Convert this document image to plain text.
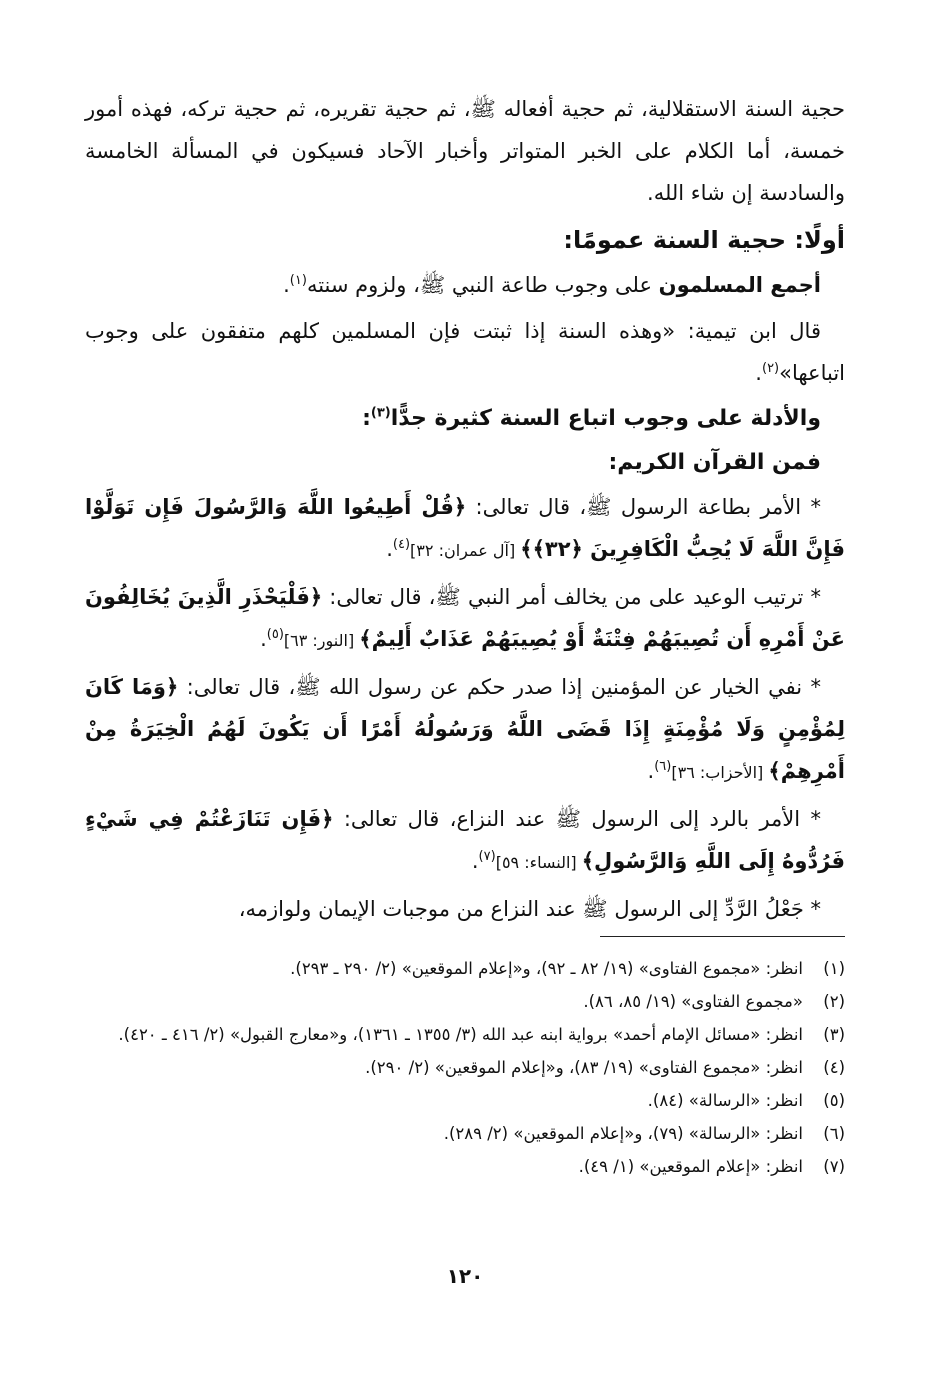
حجية السنة الاستقلالية، ثم حجية أفعاله ﷺ، ثم حجية تقريره، ثم حجية تركه، فهذه أمور خمسة، أما الكلام على الخبر المتواتر وأخبار الآحاد فسيكون في المسألة الخامسة والسادسة إن شاء الله.

أولًا: حجية السنة عمومًا:

أجمع المسلمون على وجوب طاعة النبي ﷺ، ولزوم سنته$^{(١)}$.

قال ابن تيمية: «وهذه السنة إذا ثبتت فإن المسلمين كلهم متفقون على وجوب اتباعها»$^{(٢)}$.

والأدلة على وجوب اتباع السنة كثيرة جدًّا$^{(٣)}$:
فمن القرآن الكريم:

* الأمر بطاعة الرسول ﷺ، قال تعالى: ﴿قُلْ أَطِيعُوا اللَّهَ وَالرَّسُولَ فَإِن تَوَلَّوْا فَإِنَّ اللَّهَ لَا يُحِبُّ الْكَافِرِينَ ﴿٣٢﴾﴾ [آل عمران: ٣٢]$^{(٤)}$.

* ترتيب الوعيد على من يخالف أمر النبي ﷺ، قال تعالى: ﴿فَلْيَحْذَرِ الَّذِينَ يُخَالِفُونَ عَنْ أَمْرِهِ أَن تُصِيبَهُمْ فِتْنَةٌ أَوْ يُصِيبَهُمْ عَذَابٌ أَلِيمٌ﴾ [النور: ٦٣]$^{(٥)}$.

* نفي الخيار عن المؤمنين إذا صدر حكم عن رسول الله ﷺ، قال تعالى: ﴿وَمَا كَانَ لِمُؤْمِنٍ وَلَا مُؤْمِنَةٍ إِذَا قَضَى اللَّهُ وَرَسُولُهُ أَمْرًا أَن يَكُونَ لَهُمُ الْخِيَرَةُ مِنْ أَمْرِهِمْ﴾ [الأحزاب: ٣٦]$^{(٦)}$.

* الأمر بالرد إلى الرسول ﷺ عند النزاع، قال تعالى: ﴿فَإِن تَنَازَعْتُمْ فِي شَيْءٍ فَرُدُّوهُ إِلَى اللَّهِ وَالرَّسُولِ﴾ [النساء: ٥٩]$^{(٧)}$.

* جَعْلُ الرَّدِّ إلى الرسول ﷺ عند النزاع من موجبات الإيمان ولوازمه،

(١)
انظر: «مجموع الفتاوى» (١٩/ ٨٢ ـ ٩٢)، و«إعلام الموقعين» (٢/ ٢٩٠ ـ ٢٩٣).
(٢)
«مجموع الفتاوى» (١٩/ ٨٥، ٨٦).
(٣)
انظر: «مسائل الإمام أحمد» برواية ابنه عبد الله (٣/ ١٣٥٥ ـ ١٣٦١)، و«معارج القبول» (٢/ ٤١٦ ـ ٤٢٠).
(٤)
انظر: «مجموع الفتاوى» (١٩/ ٨٣)، و«إعلام الموقعين» (٢/ ٢٩٠).
(٥)
انظر: «الرسالة» (٨٤).
(٦)
انظر: «الرسالة» (٧٩)، و«إعلام الموقعين» (٢/ ٢٨٩).
(٧)
انظر: «إعلام الموقعين» (١/ ٤٩).
١٢٠
